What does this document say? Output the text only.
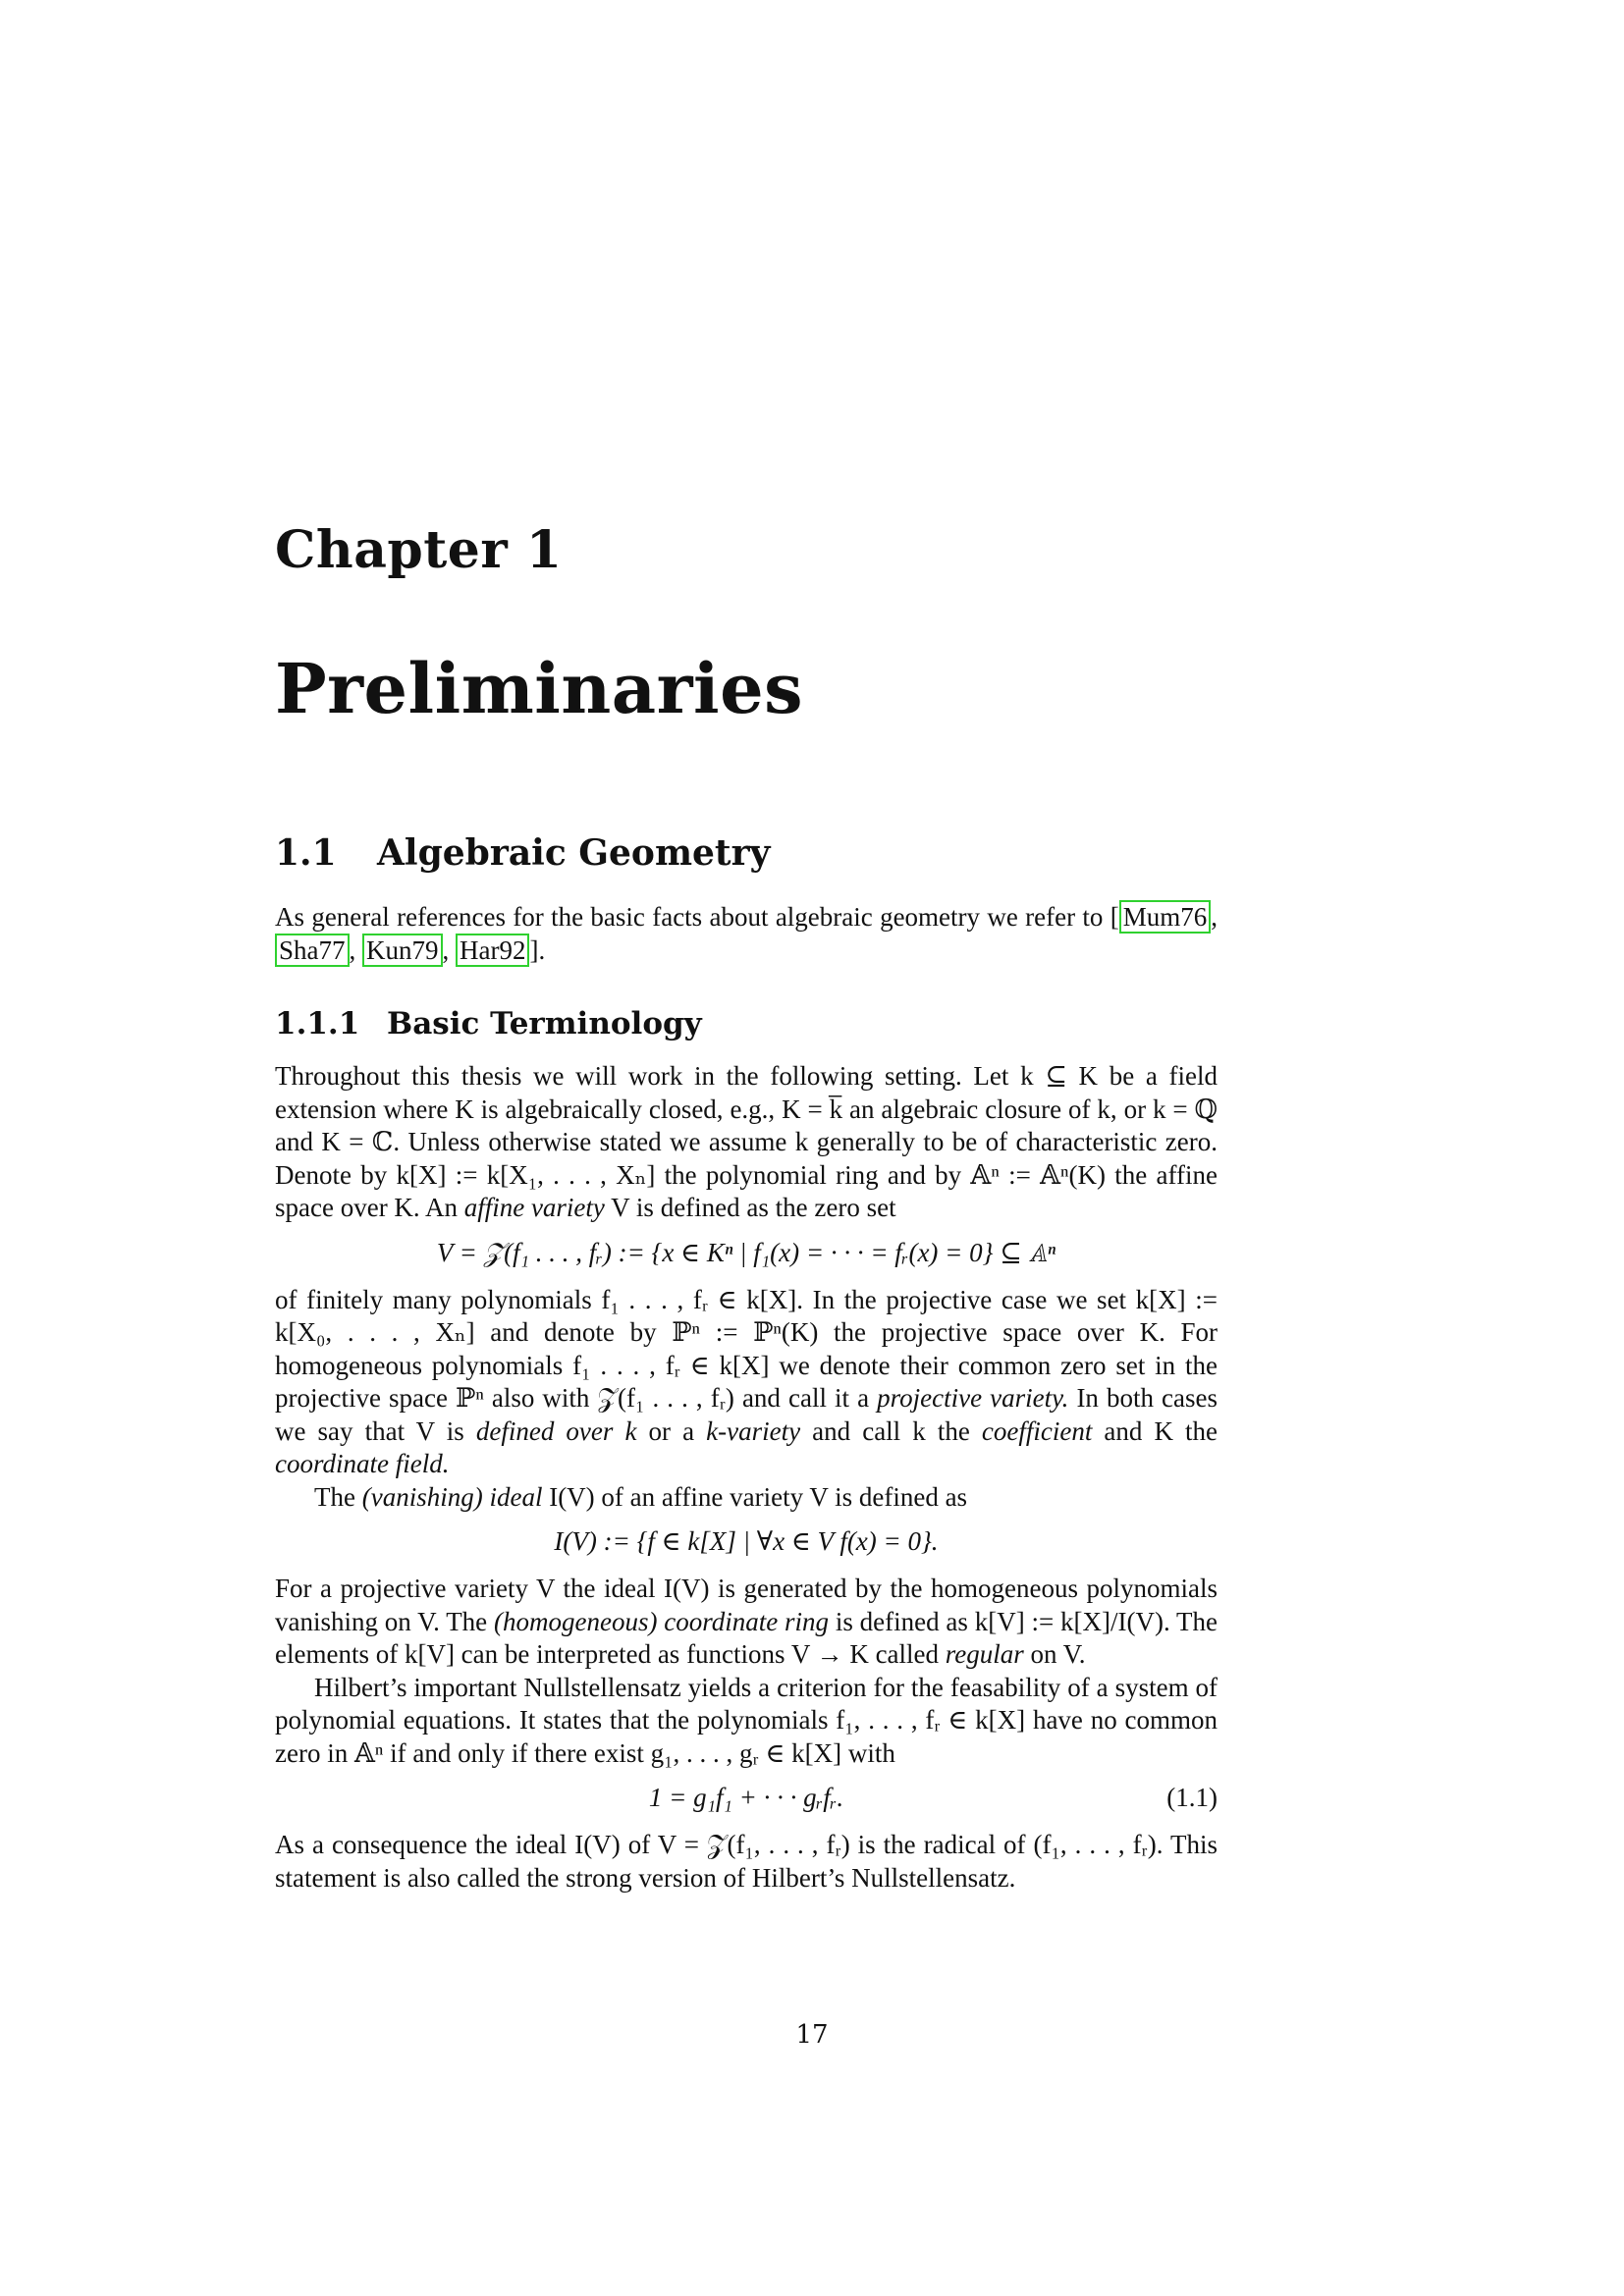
Chapter 1
Preliminaries
1.1 Algebraic Geometry

As general references for the basic facts about algebraic geometry we refer to [ Mum76 , Sha77 , Kun79 , Har92 ].

1.1.1 Basic Terminology

Throughout this thesis we will work in the following setting. Let k ⊆ K be a field extension where K is algebraically closed, e.g., K = k̅ an algebraic closure of k, or k = ℚ and K = ℂ. Unless otherwise stated we assume k generally to be of characteristic zero. Denote by k[X] := k[X₁, . . . , Xₙ] the polynomial ring and by 𝔸ⁿ := 𝔸ⁿ(K) the affine space over K. An affine variety V is defined as the zero set

V = 𝒵(f₁ . . . , fᵣ) := {x ∈ Kⁿ | f₁(x) = · · · = fᵣ(x) = 0} ⊆ 𝔸ⁿ

of finitely many polynomials f₁ . . . , fᵣ ∈ k[X]. In the projective case we set k[X] := k[X₀, . . . , Xₙ] and denote by ℙⁿ := ℙⁿ(K) the projective space over K. For homogeneous polynomials f₁ . . . , fᵣ ∈ k[X] we denote their common zero set in the projective space ℙⁿ also with 𝒵(f₁ . . . , fᵣ) and call it a projective variety. In both cases we say that V is defined over k or a k-variety and call k the coefficient and K the coordinate field.

The (vanishing) ideal I(V) of an affine variety V is defined as

I(V) := {f ∈ k[X] | ∀x ∈ V f(x) = 0}.

For a projective variety V the ideal I(V) is generated by the homogeneous polynomials vanishing on V. The (homogeneous) coordinate ring is defined as k[V] := k[X]/I(V). The elements of k[V] can be interpreted as functions V → K called regular on V.

Hilbert’s important Nullstellensatz yields a criterion for the feasability of a system of polynomial equations. It states that the polynomials f₁, . . . , fᵣ ∈ k[X] have no common zero in 𝔸ⁿ if and only if there exist g₁, . . . , gᵣ ∈ k[X] with

1 = g₁f₁ + · · · gᵣfᵣ.	(1.1)

As a consequence the ideal I(V) of V = 𝒵(f₁, . . . , fᵣ) is the radical of (f₁, . . . , fᵣ). This statement is also called the strong version of Hilbert’s Nullstellensatz.

17
